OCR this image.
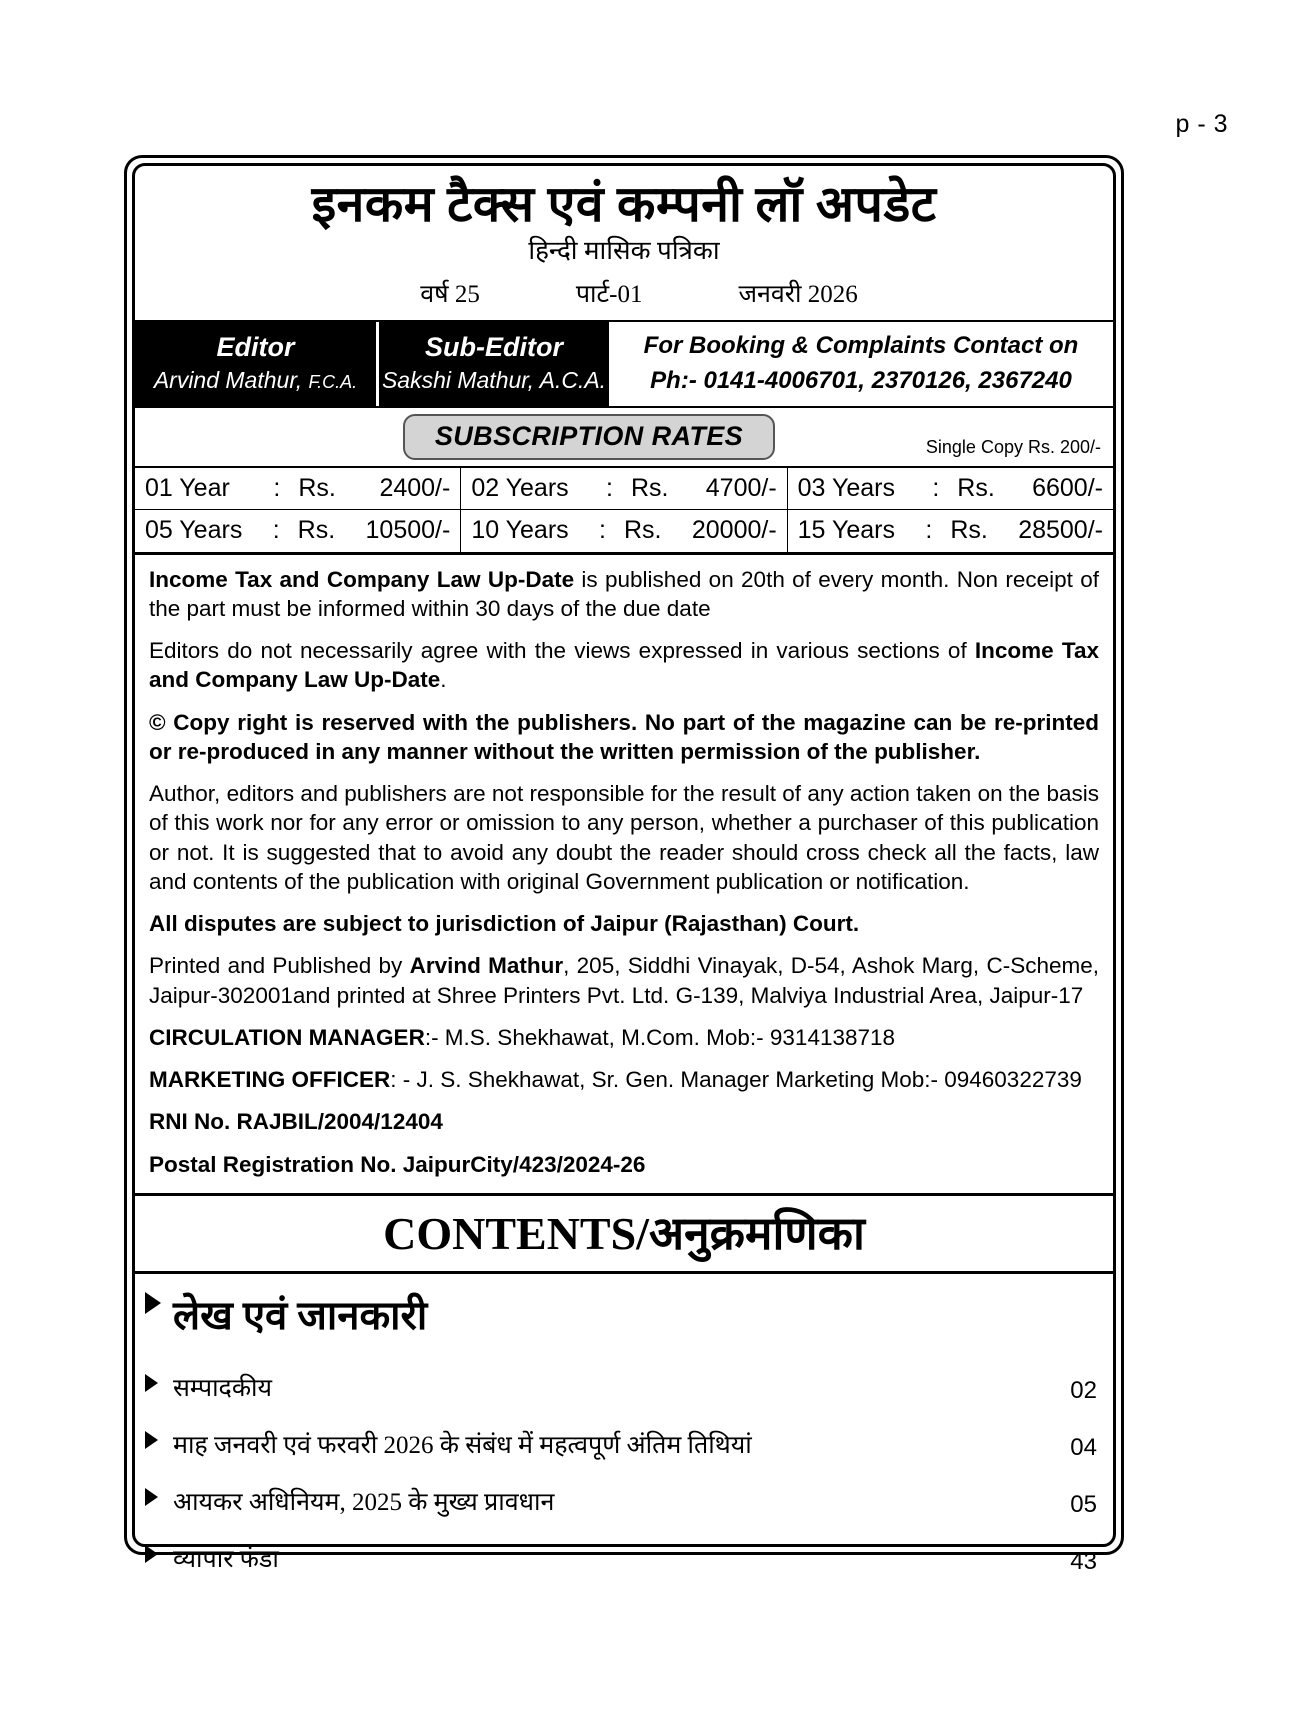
p - 3
इनकम टैक्स एवं कम्पनी लॉ अपडेट
हिन्दी मासिक पत्रिका
वर्ष 25	पार्ट-01	जनवरी 2026
Editor
Arvind Mathur, F.C.A.
Sub-Editor
Sakshi Mathur, A.C.A.
For Booking & Complaints Contact on
Ph:- 0141-4006701, 2370126, 2367240
SUBSCRIPTION RATES	Single Copy Rs. 200/-
01 Year : Rs. 2400/- 02 Years : Rs. 4700/- 03 Years : Rs. 6600/-
05 Years : Rs. 10500/- 10 Years : Rs. 20000/- 15 Years : Rs. 28500/-

Income Tax and Company Law Up-Date is published on 20th of every month. Non receipt of the part must be informed within 30 days of the due date

Editors do not necessarily agree with the views expressed in various sections of Income Tax and Company Law Up-Date.

© Copy right is reserved with the publishers. No part of the magazine can be re-printed or re-produced in any manner without the written permission of the publisher.

Author, editors and publishers are not responsible for the result of any action taken on the basis of this work nor for any error or omission to any person, whether a purchaser of this publication or not. It is suggested that to avoid any doubt the reader should cross check all the facts, law and contents of the publication with original Government publication or notification.

All disputes are subject to jurisdiction of Jaipur (Rajasthan) Court.

Printed and Published by Arvind Mathur, 205, Siddhi Vinayak, D-54, Ashok Marg, C-Scheme, Jaipur-302001and printed at Shree Printers Pvt. Ltd. G-139, Malviya Industrial Area, Jaipur-17

CIRCULATION MANAGER:- M.S. Shekhawat, M.Com. Mob:- 9314138718

MARKETING OFFICER: - J. S. Shekhawat, Sr. Gen. Manager Marketing Mob:- 09460322739

RNI No. RAJBIL/2004/12404

Postal Registration No. JaipurCity/423/2024-26

CONTENTS/अनुक्रमणिका
लेख एवं जानकारी
सम्पादकीय	02
माह जनवरी एवं फरवरी 2026 के संबंध में महत्वपूर्ण अंतिम तिथियां	04
आयकर अधिनियम, 2025 के मुख्य प्रावधान	05
व्यापार फंडा	43
